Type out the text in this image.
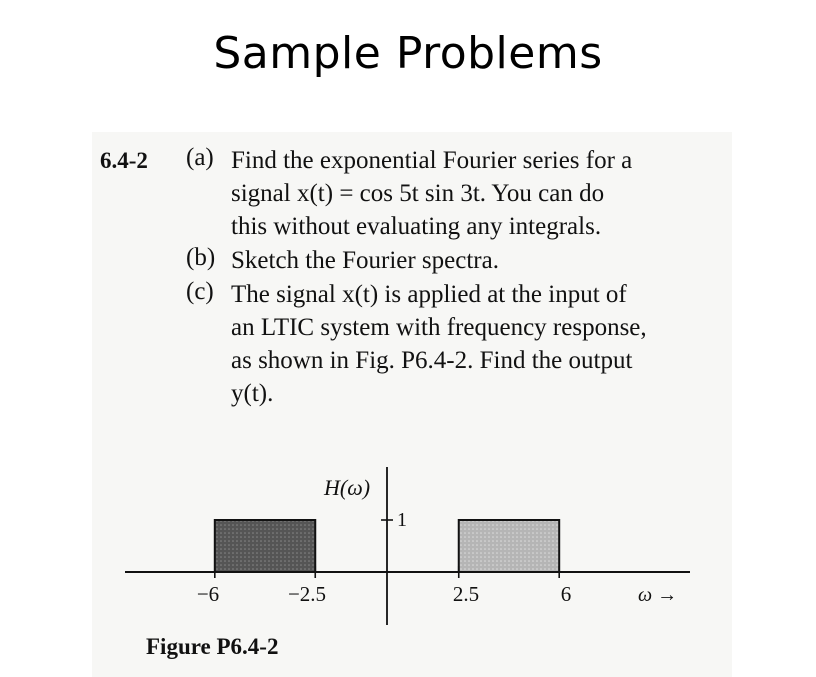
Sample Problems
6.4-2 (a) Find the exponential Fourier series for a
signal x(t) = cos 5t sin 3t. You can do
this without evaluating any integrals.
(b) Sketch the Fourier spectra.
(c) The signal x(t) is applied at the input of
an LTIC system with frequency response,
as shown in Fig. P6.4-2. Find the output
y(t).
H(ω)
1
−6	−2.5	2.5	6	ω →
Figure P6.4-2
